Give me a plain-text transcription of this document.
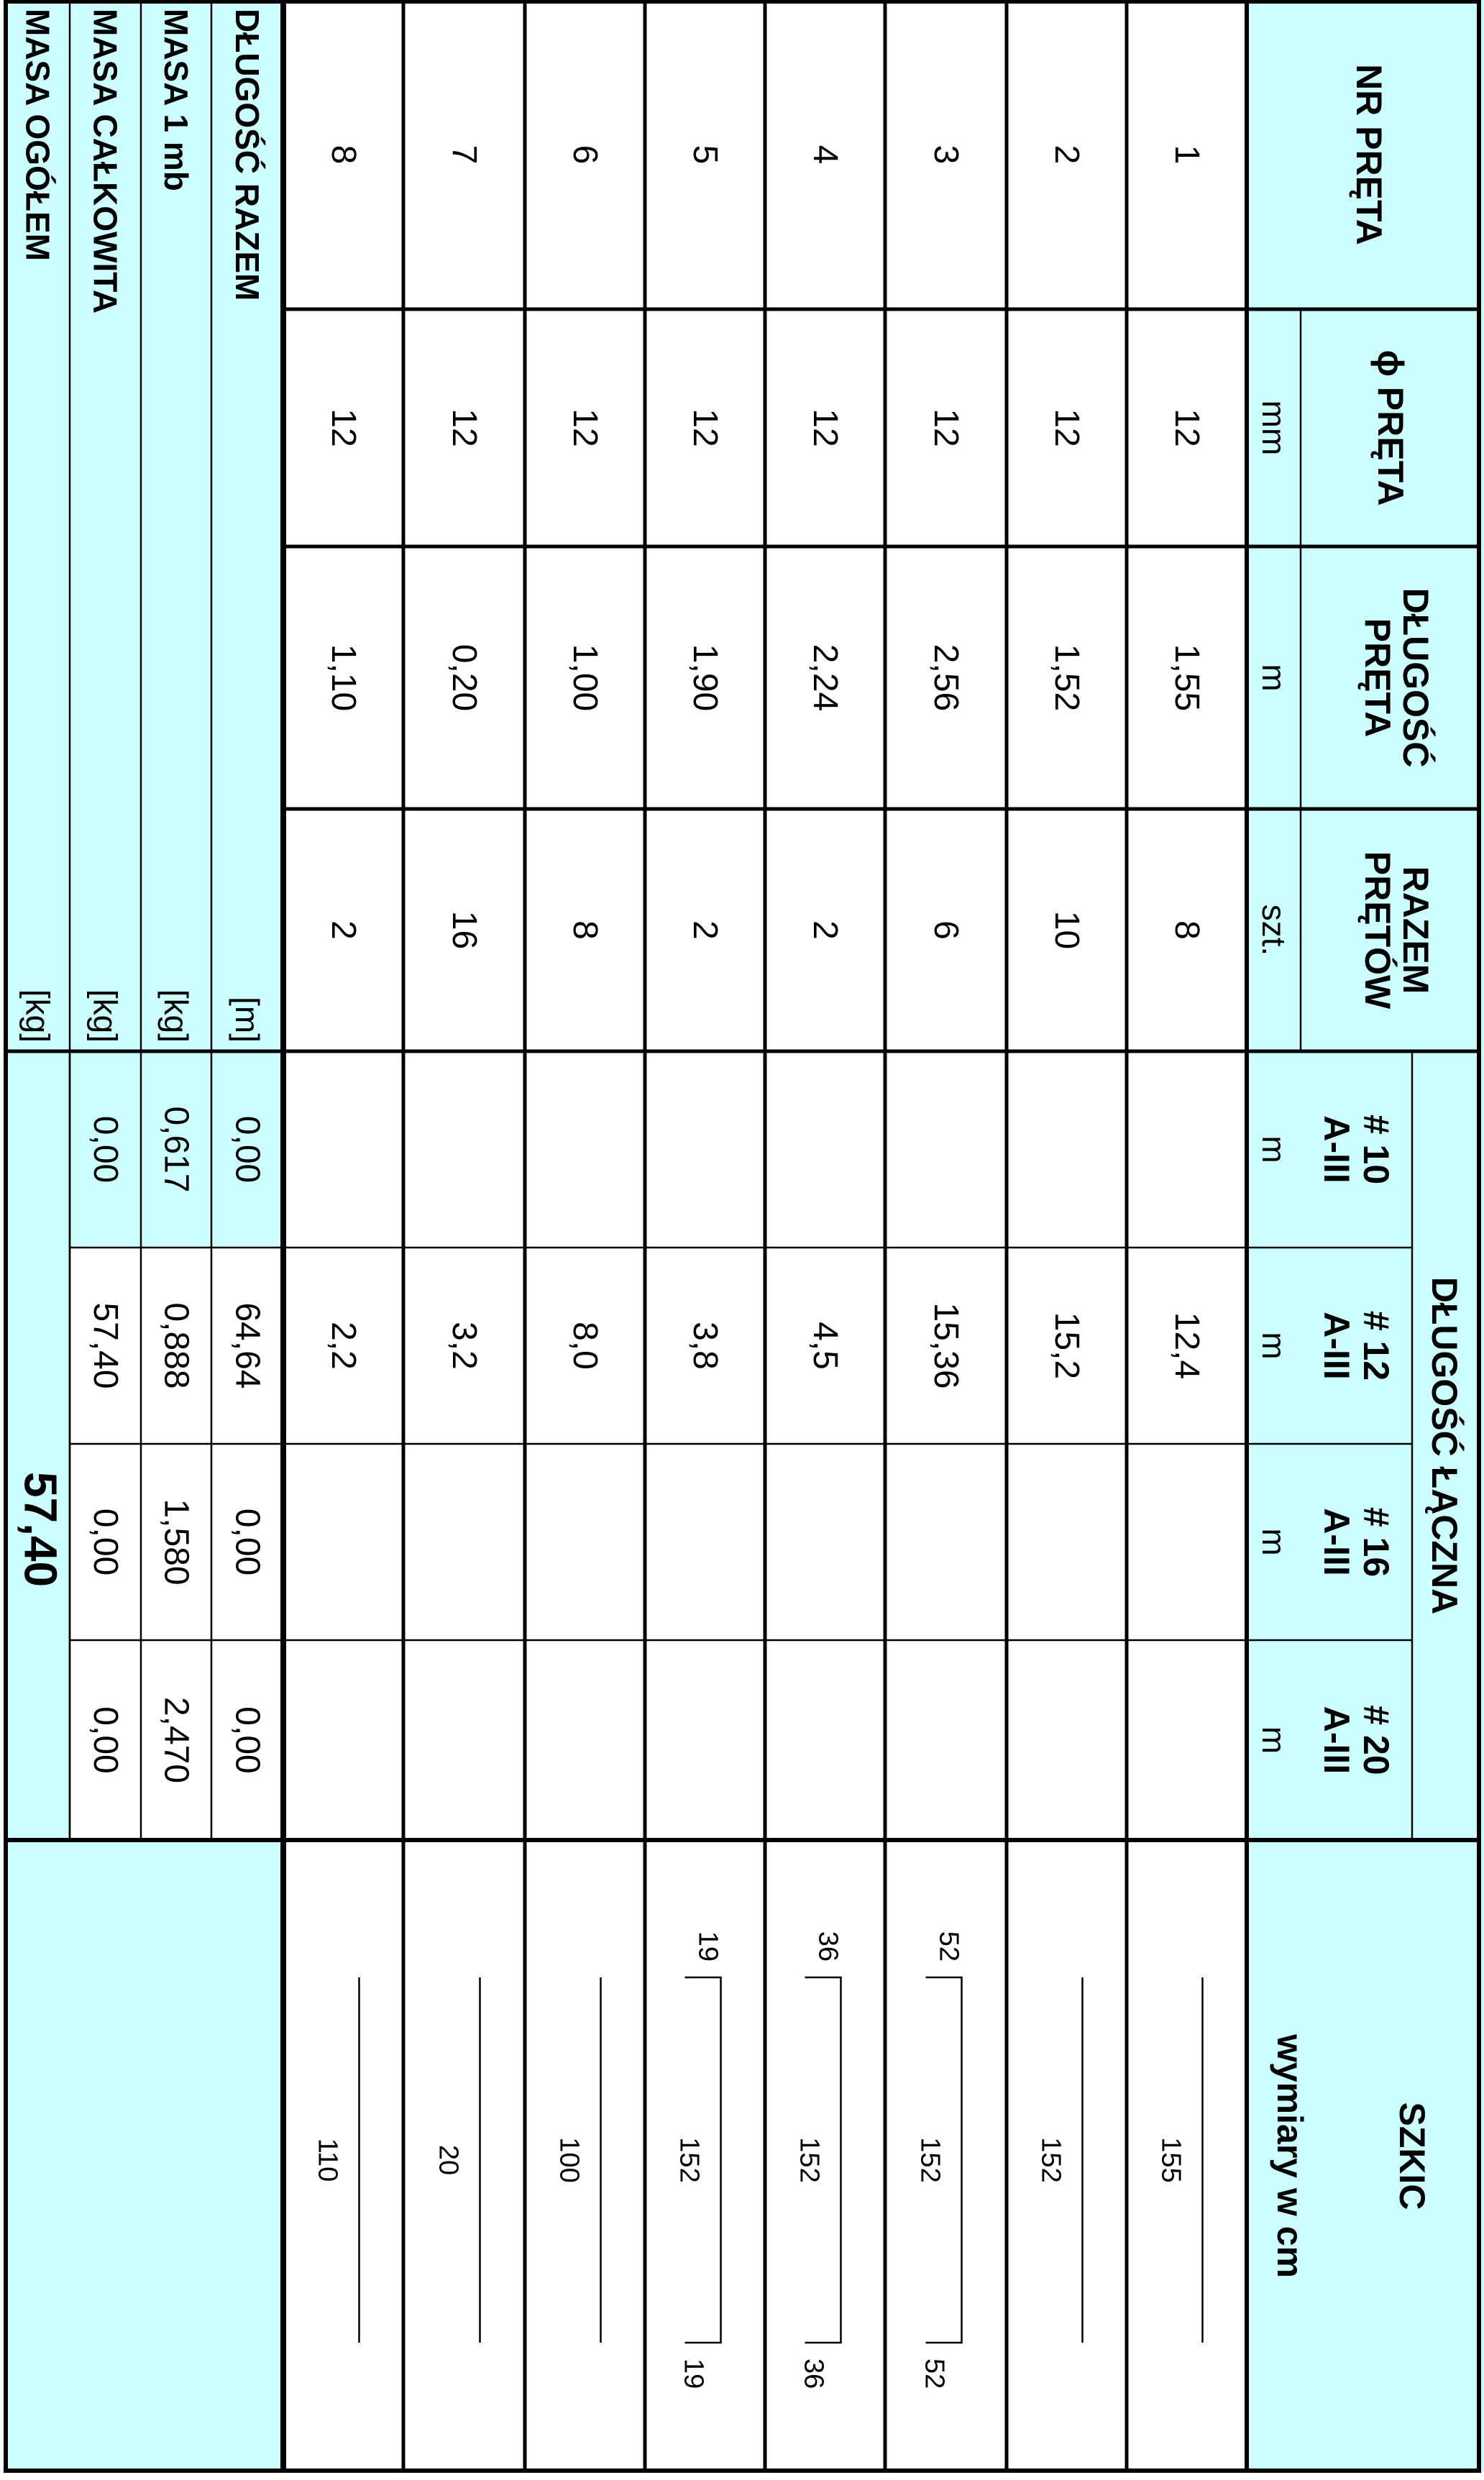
NR PRĘTA
ϕ PRĘTA
DŁUGOŚĆ
PRĘTA
RAZEM
PRĘTÓW
DŁUGOŚĆ ŁĄCZNA
SZKIC
wymiary w cm
# 10
A-III
# 12
A-III
# 16
A-III
# 20
A-III
mm
m
szt.
m
m
m
m
1
12
1,55
8
12,4
155
2
12
1,52
10
15,2
152
3
12
2,56
6
15,36
152
52
52
4
12
2,24
2
4,5
152
36
36
5
12
1,90
2
3,8
152
19
19
6
12
1,00
8
8,0
100
7
12
0,20
16
3,2
20
8
12
1,10
2
2,2
110
DŁUGOŚĆ RAZEM
[m]
0,00
64,64
0,00
0,00
MASA 1 mb
[kg]
0,617
0,888
1,580
2,470
MASA CAŁKOWITA
[kg]
0,00
57,40
0,00
0,00
MASA OGÓŁEM
[kg]
57,40
